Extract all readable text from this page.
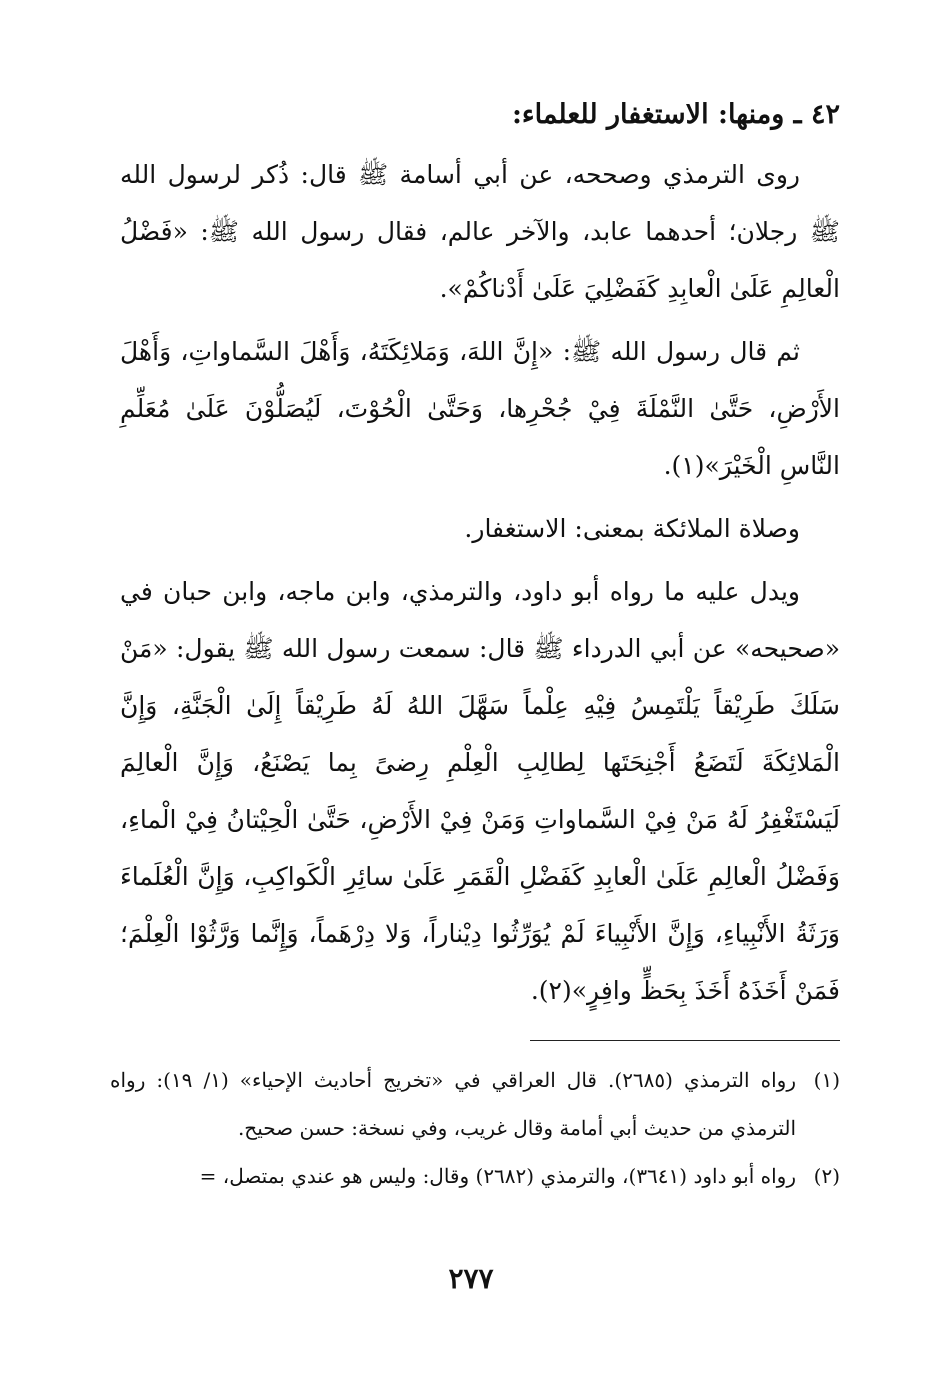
٤٢ ـ ومنها: الاستغفار للعلماء:

روى الترمذي وصححه، عن أبي أسامة ﷺ قال: ذُكر لرسول الله ﷺ رجلان؛ أحدهما عابد، والآخر عالم، فقال رسول الله ﷺ: «فَضْلُ الْعالِمِ عَلَىٰ الْعابِدِ كَفَضْلِيَ عَلَىٰ أَدْناكُمْ».

ثم قال رسول الله ﷺ: «إِنَّ اللهَ، وَمَلائِكَتَهُ، وَأَهْلَ السَّماواتِ، وَأَهْلَ الأَرْضِ، حَتَّىٰ النَّمْلَةَ فِيْ جُحْرِها، وَحَتَّىٰ الْحُوْتَ، لَيُصَلُّوْنَ عَلَىٰ مُعَلِّمِ النَّاسِ الْخَيْرَ»(١).

وصلاة الملائكة بمعنى: الاستغفار.

ويدل عليه ما رواه أبو داود، والترمذي، وابن ماجه، وابن حبان في «صحيحه» عن أبي الدرداء ﷺ قال: سمعت رسول الله ﷺ يقول: «مَنْ سَلَكَ طَرِيْقاً يَلْتَمِسُ فِيْهِ عِلْماً سَهَّلَ اللهُ لَهُ طَرِيْقاً إِلَىٰ الْجَنَّةِ، وَإِنَّ الْمَلائِكَةَ لَتَضَعُ أَجْنِحَتَها لِطالِبِ الْعِلْمِ رِضىً بِما يَصْنَعُ، وَإِنَّ الْعالِمَ لَيَسْتَغْفِرُ لَهُ مَنْ فِيْ السَّماواتِ وَمَنْ فِيْ الأَرْضِ، حَتَّىٰ الْحِيْتانُ فِيْ الْماءِ، وَفَضْلُ الْعالِمِ عَلَىٰ الْعابِدِ كَفَضْلِ الْقَمَرِ عَلَىٰ سائِرِ الْكَواكِبِ، وَإِنَّ الْعُلَماءَ وَرَثَةُ الأَنْبِياءِ، وَإِنَّ الأَنْبِياءَ لَمْ يُوَرِّثُوا دِيْناراً، وَلا دِرْهَماً، وَإِنَّما وَرَّثُوْا الْعِلْمَ؛ فَمَنْ أَخَذَهُ أَخَذَ بِحَظٍّ وافِرٍ»(٢).

(١)
رواه الترمذي (٢٦٨٥). قال العراقي في «تخريج أحاديث الإحياء» (١/ ١٩): رواه الترمذي من حديث أبي أمامة وقال غريب، وفي نسخة: حسن صحيح.

(٢)
رواه أبو داود (٣٦٤١)، والترمذي (٢٦٨٢) وقال: وليس هو عندي بمتصل، =

٢٧٧
